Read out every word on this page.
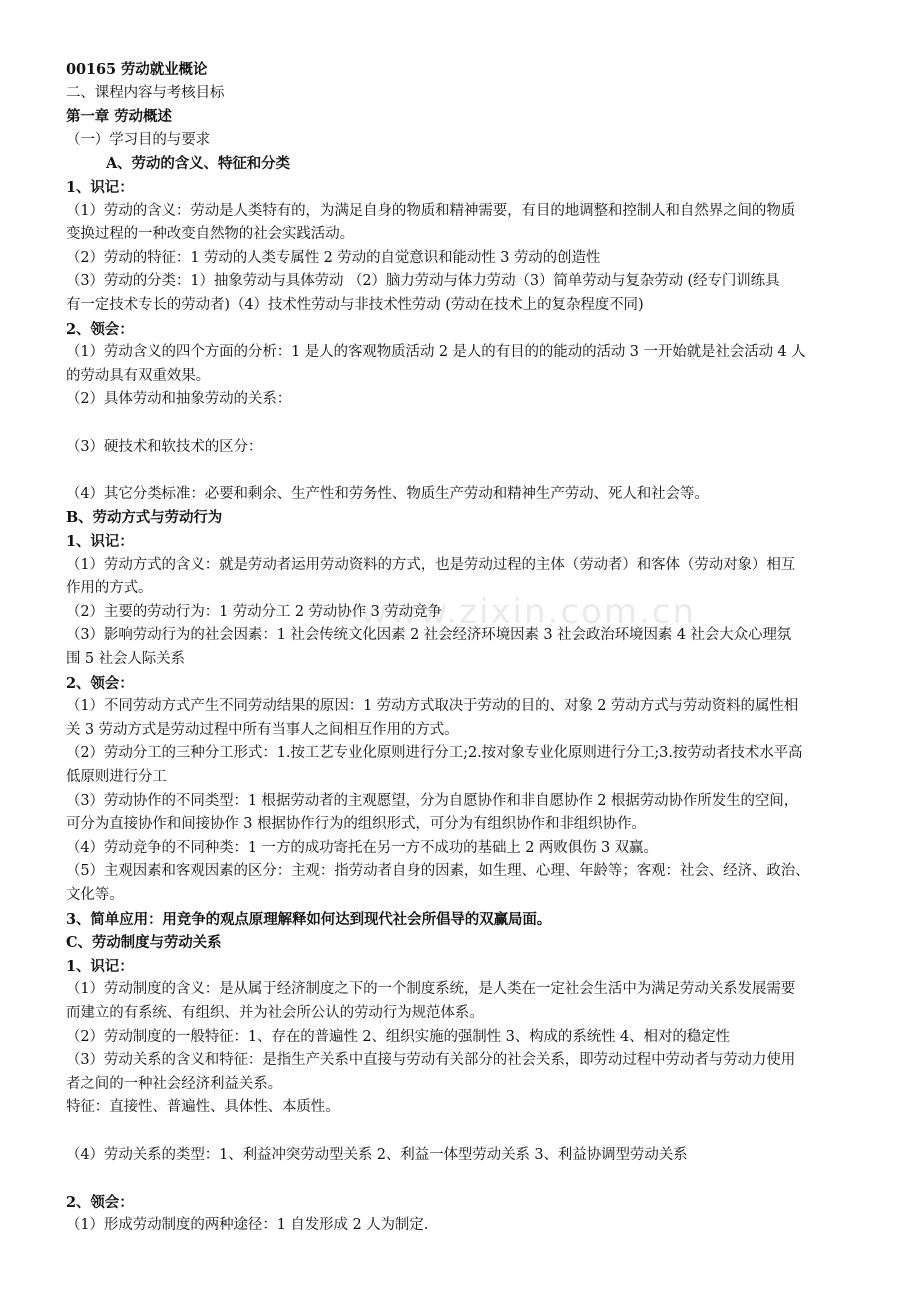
www.zixin.com.cn
00165 劳动就业概论
二、课程内容与考核目标
第一章 劳动概述
（一）学习目的与要求
A、劳动的含义、特征和分类
1、识记：
（1）劳动的含义：劳动是人类特有的，为满足自身的物质和精神需要，有目的地调整和控制人和自然界之间的物质
变换过程的一种改变自然物的社会实践活动。
（2）劳动的特征：1 劳动的人类专属性 2 劳动的自觉意识和能动性 3 劳动的创造性
（3）劳动的分类：1）抽象劳动与具体劳动 （2）脑力劳动与体力劳动（3）简单劳动与复杂劳动 (经专门训练具
有一定技术专长的劳动者)（4）技术性劳动与非技术性劳动 (劳动在技术上的复杂程度不同)
2、领会：
（1）劳动含义的四个方面的分析：1 是人的客观物质活动 2 是人的有目的的能动的活动 3 一开始就是社会活动 4 人
的劳动具有双重效果。
（2）具体劳动和抽象劳动的关系：
（3）硬技术和软技术的区分：
（4）其它分类标准：必要和剩余、生产性和劳务性、物质生产劳动和精神生产劳动、死人和社会等。
B、劳动方式与劳动行为
1、识记：
（1）劳动方式的含义：就是劳动者运用劳动资料的方式，也是劳动过程的主体（劳动者）和客体（劳动对象）相互
作用的方式。
（2）主要的劳动行为：1 劳动分工 2 劳动协作 3 劳动竞争
（3）影响劳动行为的社会因素：1 社会传统文化因素 2 社会经济环境因素 3 社会政治环境因素 4 社会大众心理氛
围 5 社会人际关系
2、领会：
（1）不同劳动方式产生不同劳动结果的原因：1 劳动方式取决于劳动的目的、对象 2 劳动方式与劳动资料的属性相
关 3 劳动方式是劳动过程中所有当事人之间相互作用的方式。
（2）劳动分工的三种分工形式：1.按工艺专业化原则进行分工;2.按对象专业化原则进行分工;3.按劳动者技术水平高
低原则进行分工
（3）劳动协作的不同类型：1 根据劳动者的主观愿望，分为自愿协作和非自愿协作 2 根据劳动协作所发生的空间，
可分为直接协作和间接协作 3 根据协作行为的组织形式，可分为有组织协作和非组织协作。
（4）劳动竞争的不同种类：1 一方的成功寄托在另一方不成功的基础上 2 两败俱伤 3 双赢。
（5）主观因素和客观因素的区分：主观：指劳动者自身的因素，如生理、心理、年龄等；客观：社会、经济、政治、
文化等。
3、简单应用：用竞争的观点原理解释如何达到现代社会所倡导的双赢局面。
C、劳动制度与劳动关系
1、识记：
（1）劳动制度的含义：是从属于经济制度之下的一个制度系统，是人类在一定社会生活中为满足劳动关系发展需要
而建立的有系统、有组织、并为社会所公认的劳动行为规范体系。
（2）劳动制度的一般特征：1、存在的普遍性 2、组织实施的强制性 3、构成的系统性 4、相对的稳定性
（3）劳动关系的含义和特征：是指生产关系中直接与劳动有关部分的社会关系，即劳动过程中劳动者与劳动力使用
者之间的一种社会经济利益关系。
特征：直接性、普遍性、具体性、本质性。
（4）劳动关系的类型：1、利益冲突劳动型关系 2、利益一体型劳动关系 3、利益协调型劳动关系
2、领会：
（1）形成劳动制度的两种途径：1 自发形成 2 人为制定.
